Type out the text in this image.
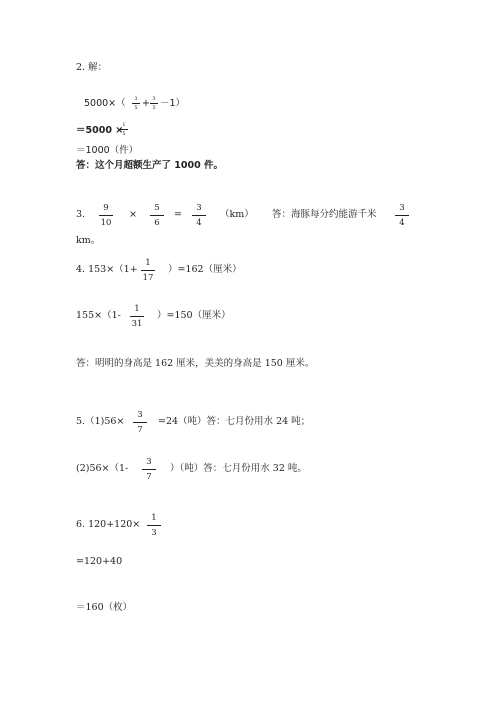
2. 解：
5000×（	3
5 + 3
5 －1）
＝5000 × 1
5
＝1000（件）
答：这个月超额生产了 1000 件。
3.
9
10
×
5
6
=
3
4
（km） 答：海豚每分约能游千米
3
4
km。
4. 153×（1+
1
17
）=162（厘米）
155×（1-
1
31
）=150（厘米）
答：明明的身高是 162 厘米，美美的身高是 150 厘米。
5.（1)56×
3
7
=24（吨）答：七月份用水 24 吨；
(2)56×（1-
3
7
）（吨）答：七月份用水 32 吨。
6. 120+120×
1
3
=120+40
＝160（枚）
